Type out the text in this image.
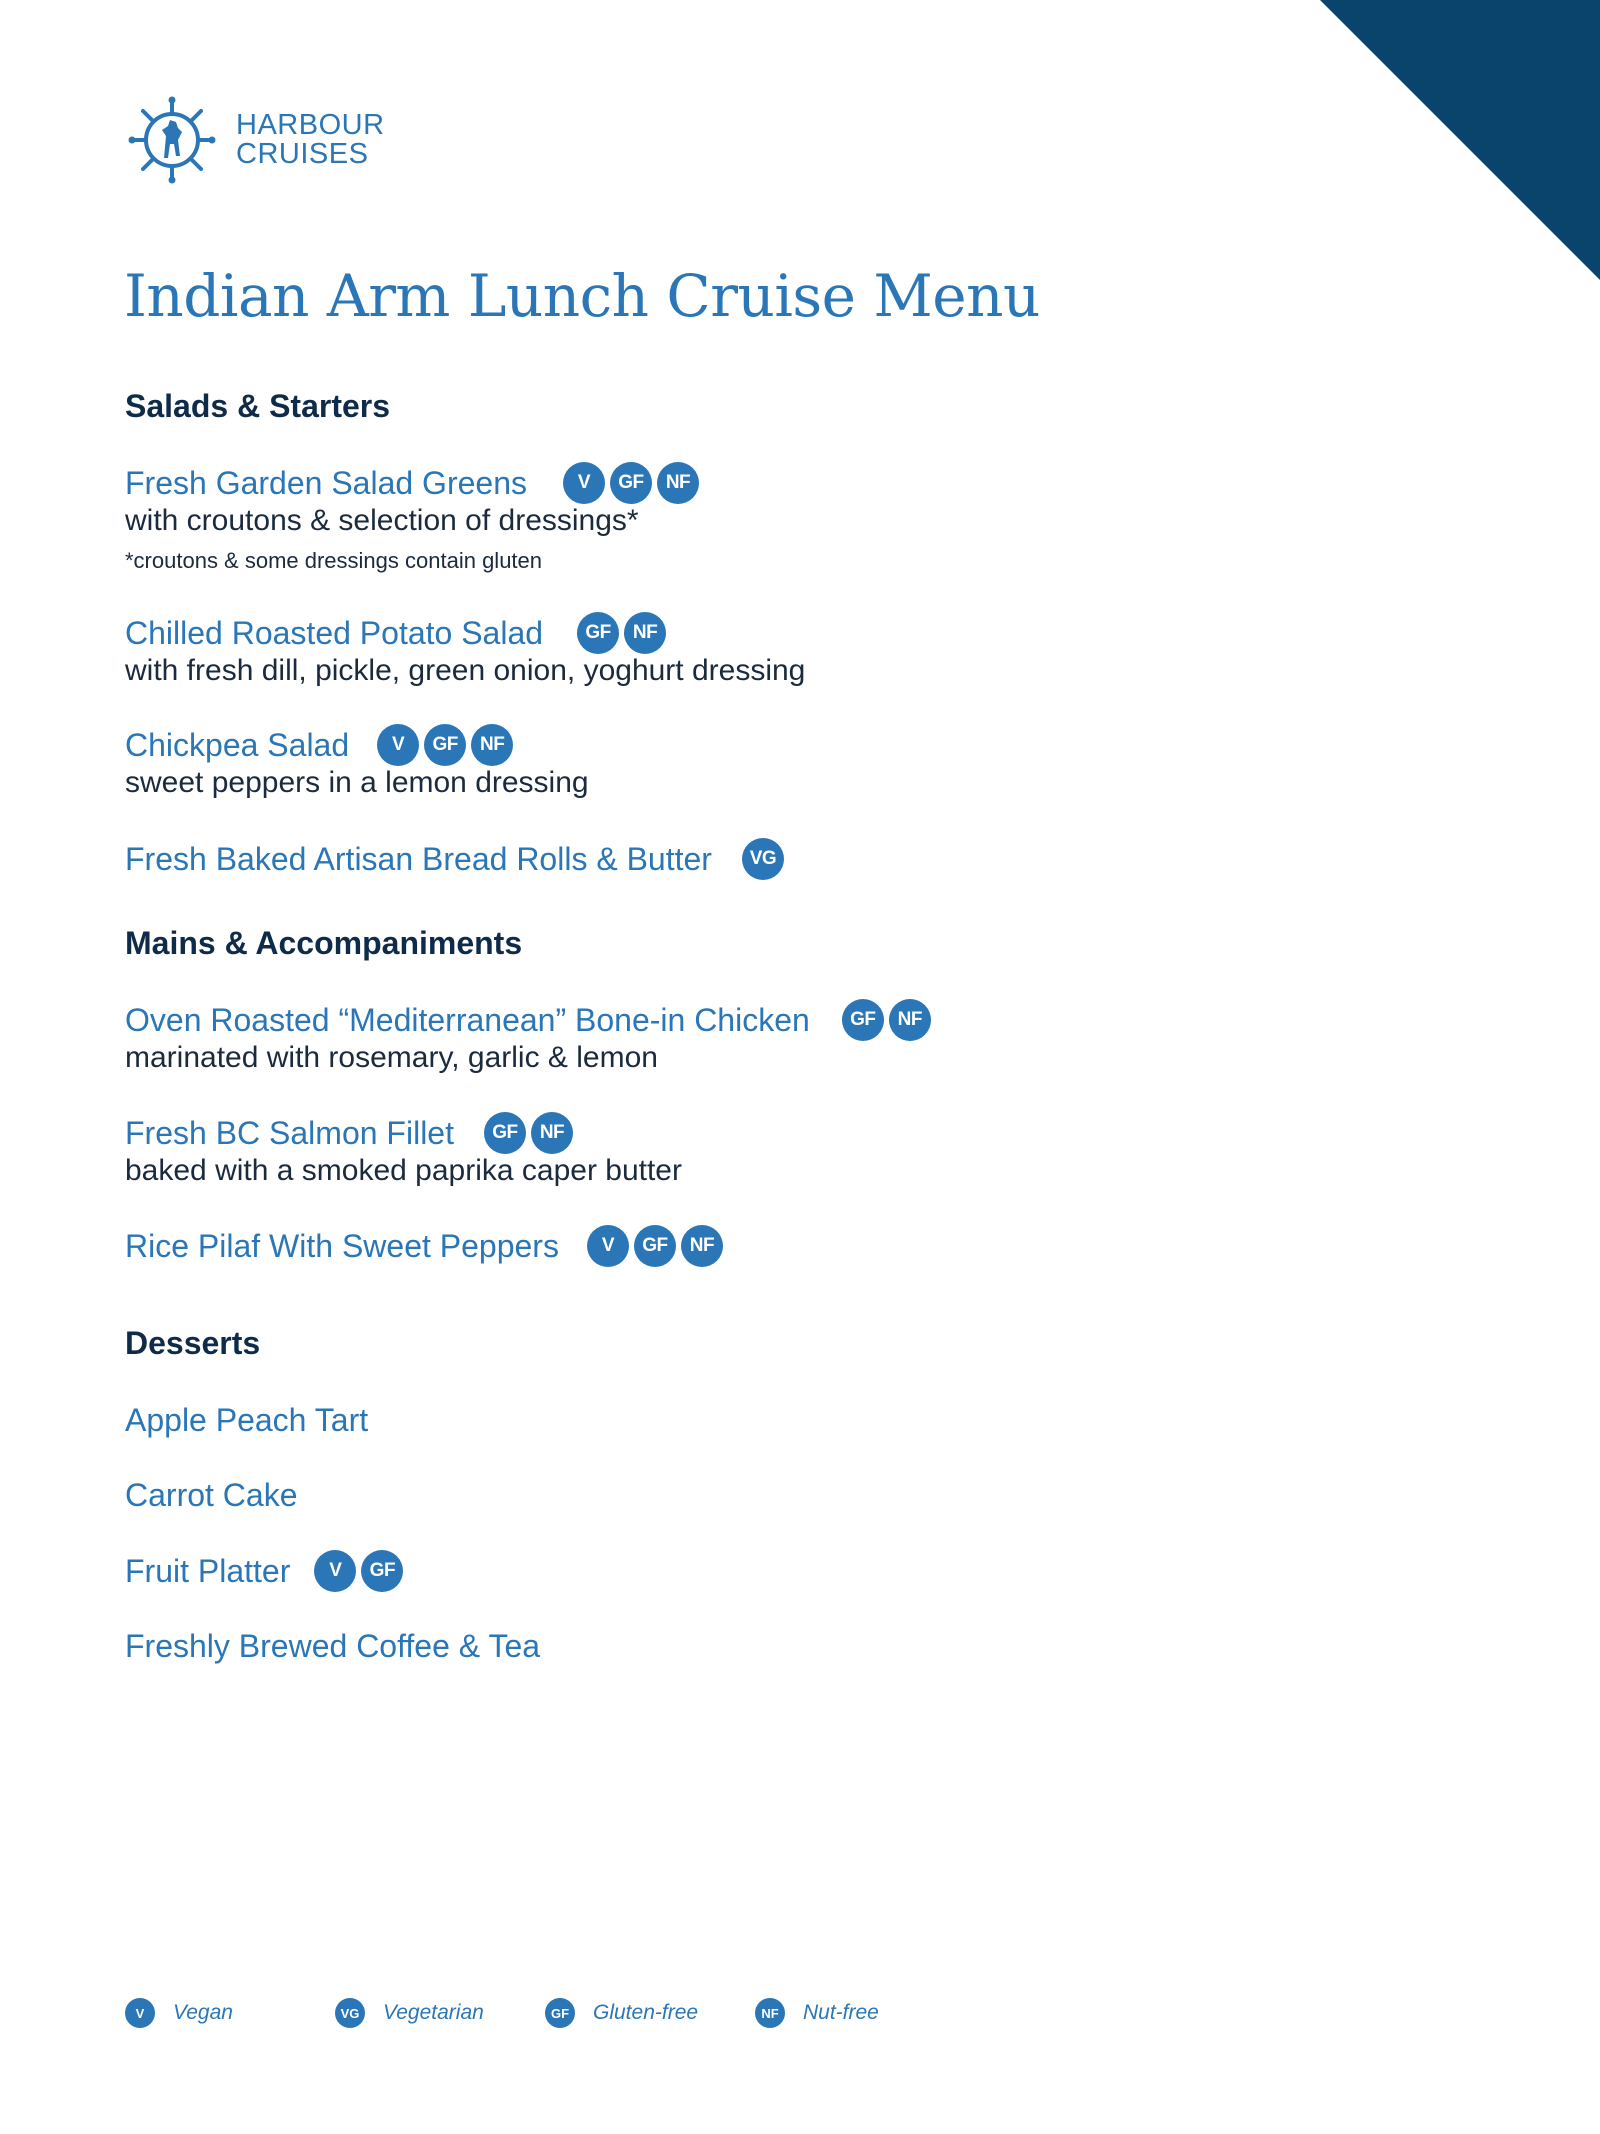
HARBOUR
CRUISES
Indian Arm Lunch Cruise Menu
Salads & Starters
Fresh Garden Salad Greens	V	GF	NF
with croutons & selection of dressings*
*croutons & some dressings contain gluten
Chilled Roasted Potato Salad	GF	NF
with fresh dill, pickle, green onion, yoghurt dressing
Chickpea Salad	V	GF	NF
sweet peppers in a lemon dressing
Fresh Baked Artisan Bread Rolls & Butter	VG
Mains & Accompaniments
Oven Roasted “Mediterranean” Bone-in Chicken	GF	NF
marinated with rosemary, garlic & lemon
Fresh BC Salmon Fillet	GF	NF
baked with a smoked paprika caper butter
Rice Pilaf With Sweet Peppers	V	GF	NF
Desserts
Apple Peach Tart
Carrot Cake
Fruit Platter	V	GF
Freshly Brewed Coffee & Tea
V	Vegan	VG Vegetarian	GF Gluten-free	NF	Nut-free
